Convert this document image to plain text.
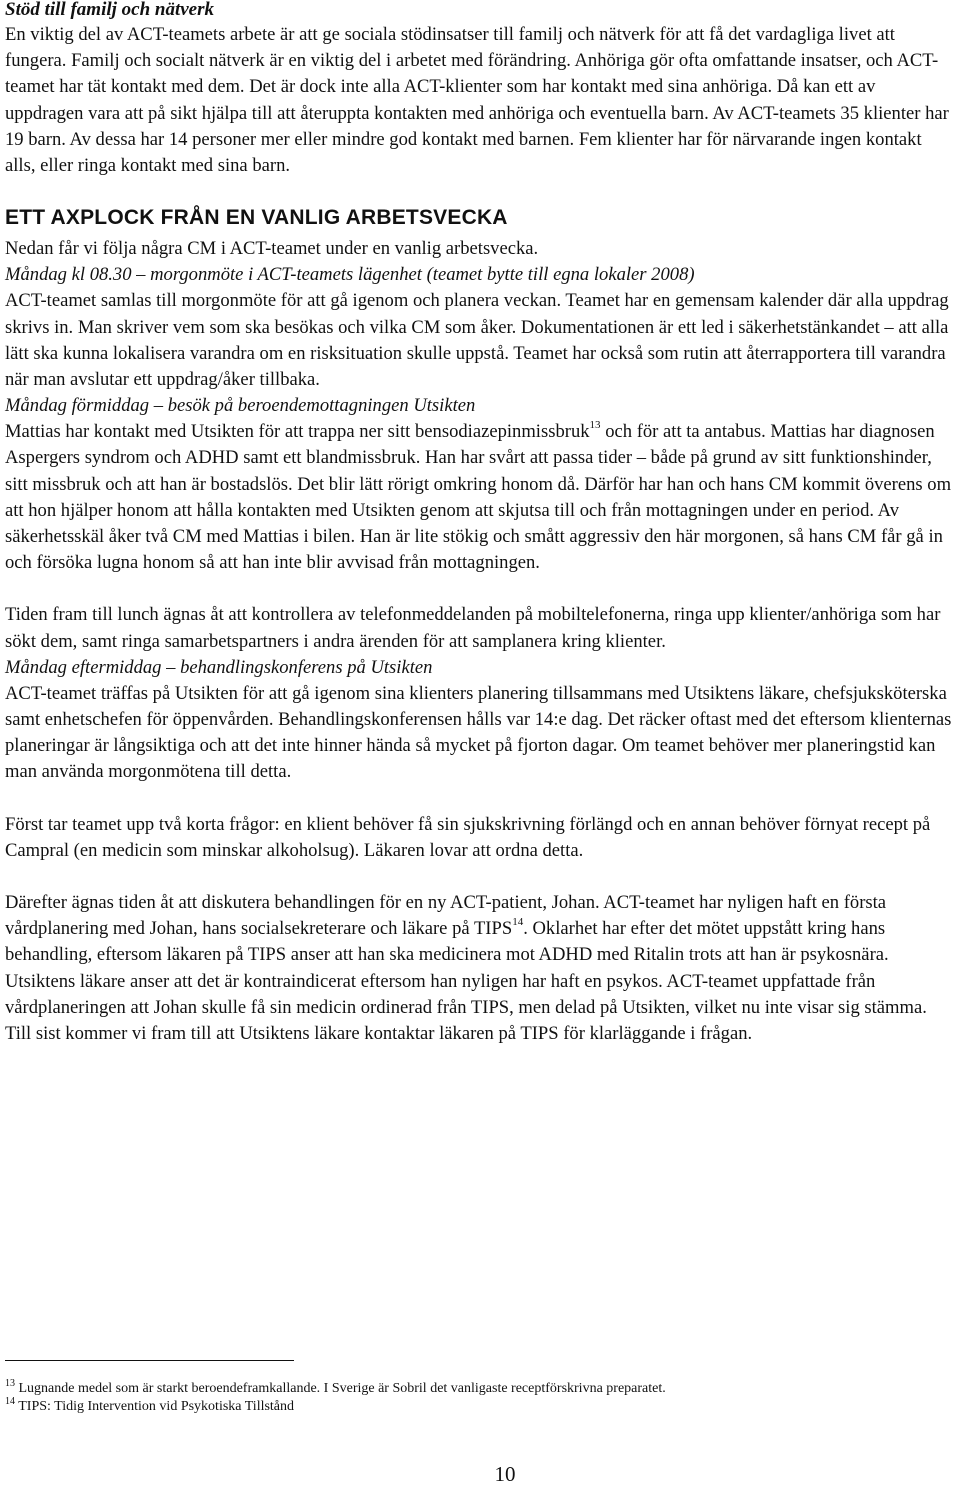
Stöd till familj och nätverk

En viktig del av ACT-teamets arbete är att ge sociala stödinsatser till familj och nätverk för att få det vardagliga livet att fungera. Familj och socialt nätverk är en viktig del i arbetet med förändring. Anhöriga gör ofta omfattande insatser, och ACT-teamet har tät kontakt med dem. Det är dock inte alla ACT-klienter som har kontakt med sina anhöriga. Då kan ett av uppdragen vara att på sikt hjälpa till att återuppta kontakten med anhöriga och eventuella barn. Av ACT-teamets 35 klienter har 19 barn. Av dessa har 14 personer mer eller mindre god kontakt med barnen. Fem klienter har för närvarande ingen kontakt alls, eller ringa kontakt med sina barn.

ETT AXPLOCK FRÅN EN VANLIG ARBETSVECKA

Nedan får vi följa några CM i ACT-teamet under en vanlig arbetsvecka.

Måndag kl 08.30 – morgonmöte i ACT-teamets lägenhet (teamet bytte till egna lokaler 2008)

ACT-teamet samlas till morgonmöte för att gå igenom och planera veckan. Teamet har en gemensam kalender där alla uppdrag skrivs in. Man skriver vem som ska besökas och vilka CM som åker. Dokumentationen är ett led i säkerhetstänkandet – att alla lätt ska kunna lokalisera varandra om en risksituation skulle uppstå. Teamet har också som rutin att återrapportera till varandra när man avslutar ett uppdrag/åker tillbaka.

Måndag förmiddag – besök på beroendemottagningen Utsikten

Mattias har kontakt med Utsikten för att trappa ner sitt bensodiazepinmissbruk$^{13}$ och för att ta antabus. Mattias har diagnosen Aspergers syndrom och ADHD samt ett blandmissbruk. Han har svårt att passa tider – både på grund av sitt funktionshinder, sitt missbruk och att han är bostadslös. Det blir lätt rörigt omkring honom då. Därför har han och hans CM kommit överens om att hon hjälper honom att hålla kontakten med Utsikten genom att skjutsa till och från mottagningen under en period. Av säkerhetsskäl åker två CM med Mattias i bilen. Han är lite stökig och smått aggressiv den här morgonen, så hans CM får gå in och försöka lugna honom så att han inte blir avvisad från mottagningen.

Tiden fram till lunch ägnas åt att kontrollera av telefonmeddelanden på mobiltelefonerna, ringa upp klienter/anhöriga som har sökt dem, samt ringa samarbetspartners i andra ärenden för att samplanera kring klienter.

Måndag eftermiddag – behandlingskonferens på Utsikten

ACT-teamet träffas på Utsikten för att gå igenom sina klienters planering tillsammans med Utsiktens läkare, chefsjuksköterska samt enhetschefen för öppenvården. Behandlingskonferensen hålls var 14:e dag. Det räcker oftast med det eftersom klienternas planeringar är långsiktiga och att det inte hinner hända så mycket på fjorton dagar. Om teamet behöver mer planeringstid kan man använda morgonmötena till detta.

Först tar teamet upp två korta frågor: en klient behöver få sin sjukskrivning förlängd och en annan behöver förnyat recept på Campral (en medicin som minskar alkoholsug). Läkaren lovar att ordna detta.

Därefter ägnas tiden åt att diskutera behandlingen för en ny ACT-patient, Johan. ACT-teamet har nyligen haft en första vårdplanering med Johan, hans socialsekreterare och läkare på TIPS$^{14}$. Oklarhet har efter det mötet uppstått kring hans behandling, eftersom läkaren på TIPS anser att han ska medicinera mot ADHD med Ritalin trots att han är psykosnära. Utsiktens läkare anser att det är kontraindicerat eftersom han nyligen har haft en psykos. ACT-teamet uppfattade från vårdplaneringen att Johan skulle få sin medicin ordinerad från TIPS, men delad på Utsikten, vilket nu inte visar sig stämma. Till sist kommer vi fram till att Utsiktens läkare kontaktar läkaren på TIPS för klarläggande i frågan.

$^{13}$ Lugnande medel som är starkt beroendeframkallande. I Sverige är Sobril det vanligaste receptförskrivna preparatet.
$^{14}$ TIPS: Tidig Intervention vid Psykotiska Tillstånd
10
